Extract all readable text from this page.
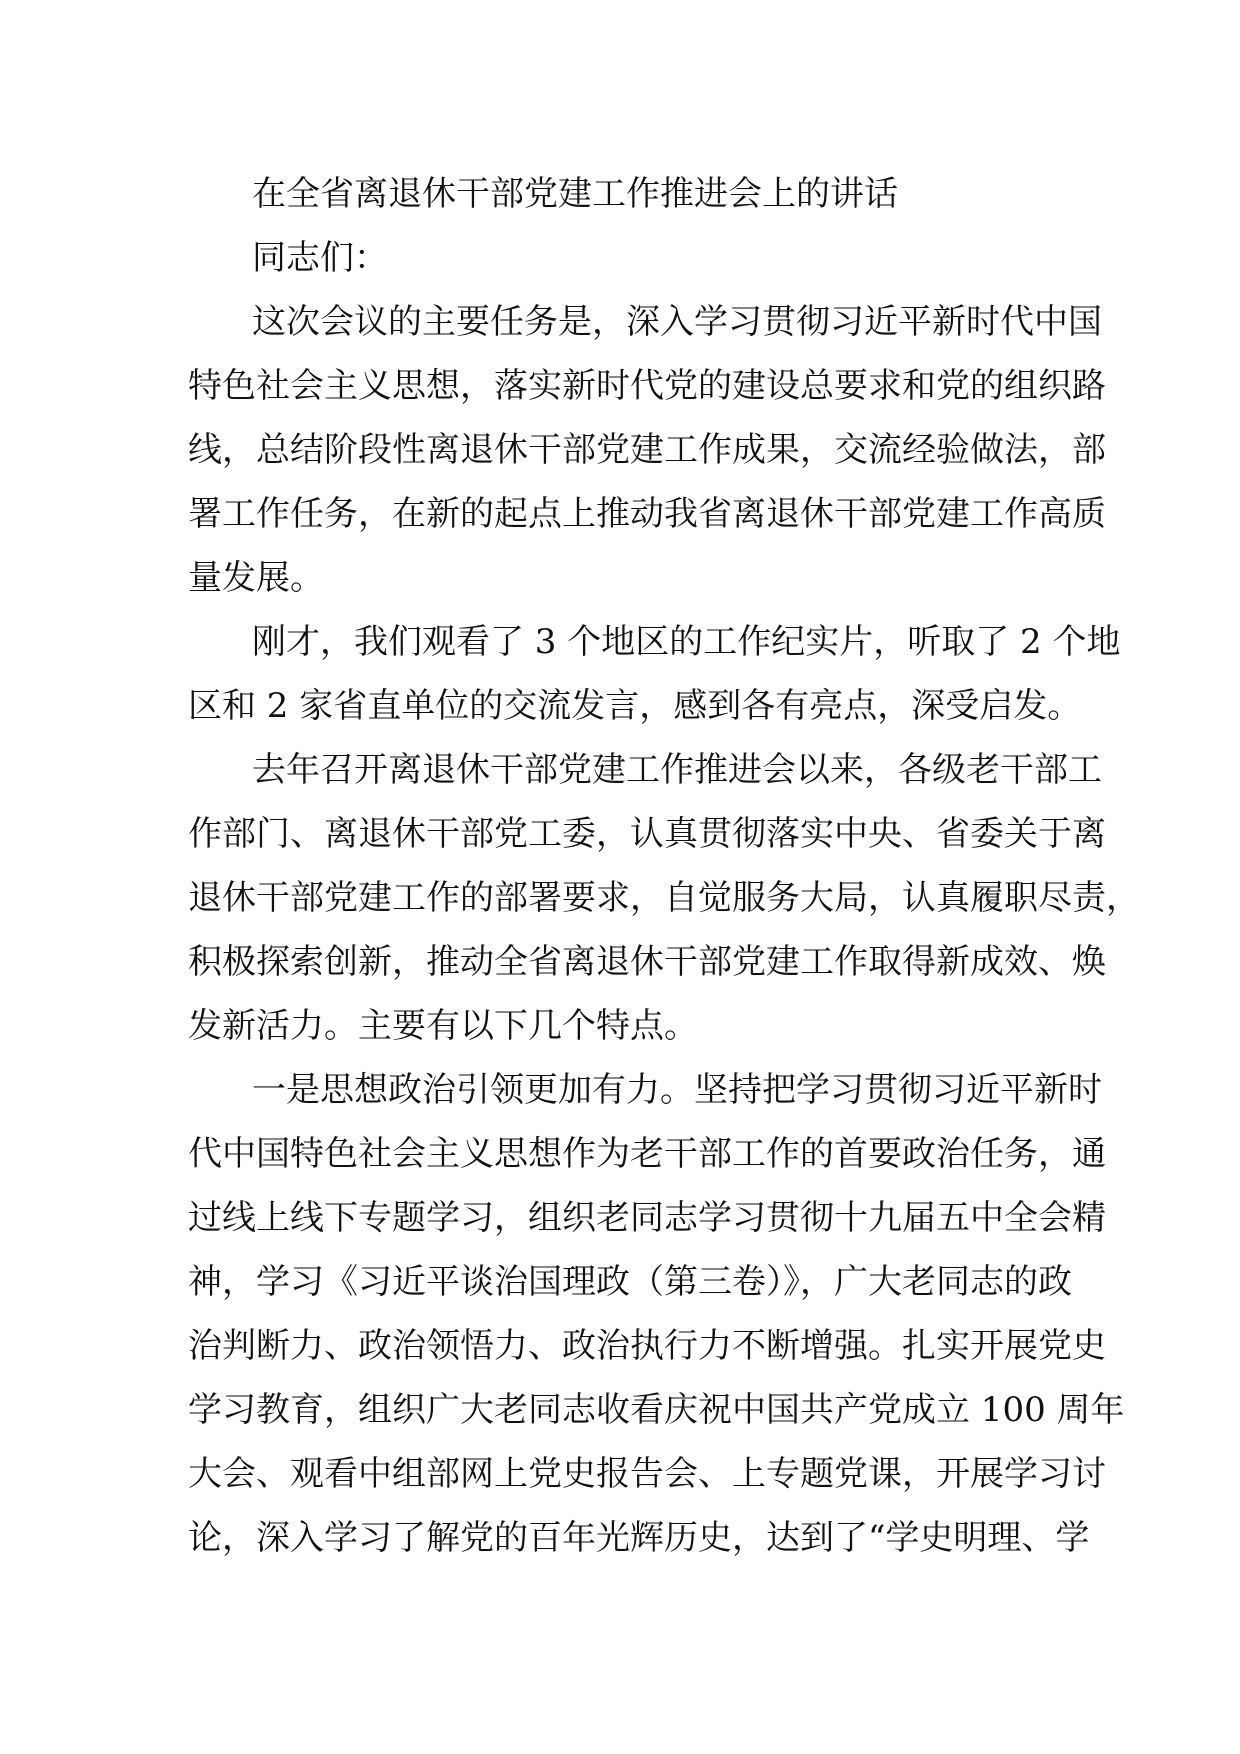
在全省离退休干部党建工作推进会上的讲话
同志们：
这次会议的主要任务是，深入学习贯彻习近平新时代中国
特色社会主义思想，落实新时代党的建设总要求和党的组织路
线，总结阶段性离退休干部党建工作成果，交流经验做法，部
署工作任务，在新的起点上推动我省离退休干部党建工作高质
量发展。
刚才，我们观看了 3 个地区的工作纪实片，听取了 2 个地
区和 2 家省直单位的交流发言，感到各有亮点，深受启发。
去年召开离退休干部党建工作推进会以来，各级老干部工
作部门、离退休干部党工委，认真贯彻落实中央、省委关于离
退休干部党建工作的部署要求，自觉服务大局，认真履职尽责，
积极探索创新，推动全省离退休干部党建工作取得新成效、焕
发新活力。主要有以下几个特点。
一是思想政治引领更加有力。坚持把学习贯彻习近平新时
代中国特色社会主义思想作为老干部工作的首要政治任务，通
过线上线下专题学习，组织老同志学习贯彻十九届五中全会精
神，学习《习近平谈治国理政（第三卷）》，广大老同志的政
治判断力、政治领悟力、政治执行力不断增强。扎实开展党史
学习教育，组织广大老同志收看庆祝中国共产党成立 100 周年
大会、观看中组部网上党史报告会、上专题党课，开展学习讨
论，深入学习了解党的百年光辉历史，达到了“学史明理、学
